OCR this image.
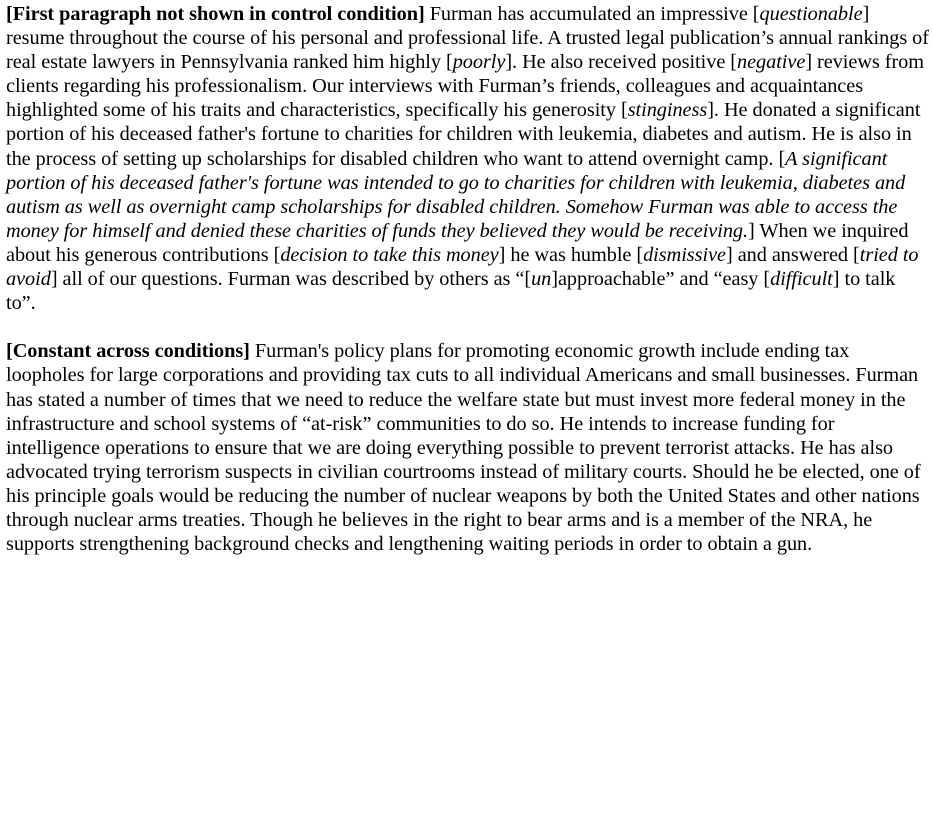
[First paragraph not shown in control condition] Furman has accumulated an impressive [questionable] resume throughout the course of his personal and professional life. A trusted legal publication’s annual rankings of real estate lawyers in Pennsylvania ranked him highly [poorly]. He also received positive [negative] reviews from clients regarding his professionalism. Our interviews with Furman’s friends, colleagues and acquaintances highlighted some of his traits and characteristics, specifically his generosity [stinginess]. He donated a significant portion of his deceased father's fortune to charities for children with leukemia, diabetes and autism. He is also in the process of setting up scholarships for disabled children who want to attend overnight camp. [A significant portion of his deceased father's fortune was intended to go to charities for children with leukemia, diabetes and autism as well as overnight camp scholarships for disabled children. Somehow Furman was able to access the money for himself and denied these charities of funds they believed they would be receiving.] When we inquired about his generous contributions [decision to take this money] he was humble [dismissive] and answered [tried to avoid] all of our questions. Furman was described by others as “[un]approachable” and “easy [difficult] to talk to”.

[Constant across conditions] Furman's policy plans for promoting economic growth include ending tax loopholes for large corporations and providing tax cuts to all individual Americans and small businesses. Furman has stated a number of times that we need to reduce the welfare state but must invest more federal money in the infrastructure and school systems of “at-risk” communities to do so. He intends to increase funding for intelligence operations to ensure that we are doing everything possible to prevent terrorist attacks. He has also advocated trying terrorism suspects in civilian courtrooms instead of military courts. Should he be elected, one of his principle goals would be reducing the number of nuclear weapons by both the United States and other nations through nuclear arms treaties. Though he believes in the right to bear arms and is a member of the NRA, he supports strengthening background checks and lengthening waiting periods in order to obtain a gun.
